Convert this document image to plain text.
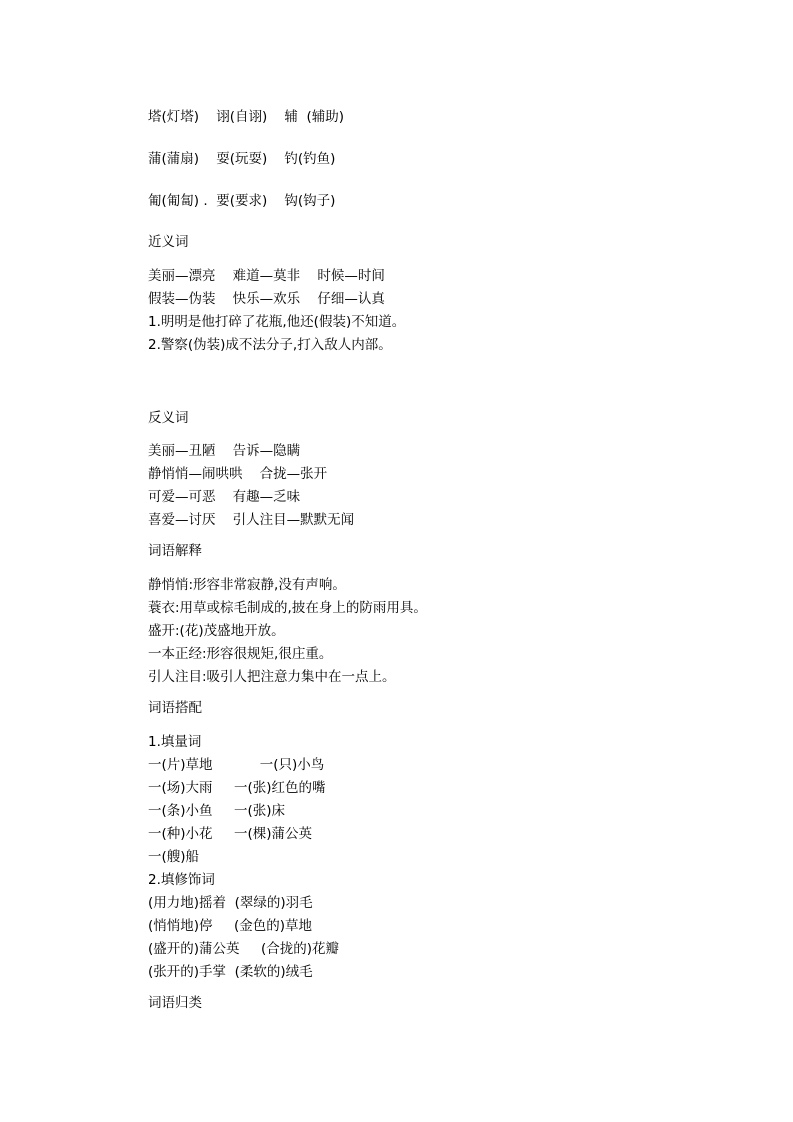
塔(灯塔)    诩(自诩)    辅  (辅助)

蒲(蒲扇)    耍(玩耍)    钓(钓鱼)

匍(匍匐) .  要(要求)    钩(钩子)

近义词

美丽—漂亮    难道—莫非    时候—时间

假装—伪装    快乐—欢乐    仔细—认真

1.明明是他打碎了花瓶,他还(假装)不知道。

2.警察(伪装)成不法分子,打入敌人内部。

反义词

美丽—丑陋    告诉—隐瞒

静悄悄—闹哄哄    合拢—张开

可爱—可恶    有趣—乏味

喜爱—讨厌    引人注目—默默无闻

词语解释

静悄悄:形容非常寂静,没有声响。

蓑衣:用草或棕毛制成的,披在身上的防雨用具。

盛开:(花)茂盛地开放。

一本正经:形容很规矩,很庄重。

引人注目:吸引人把注意力集中在一点上。

词语搭配

1.填量词

一(片)草地           一(只)小鸟

一(场)大雨     一(张)红色的嘴

一(条)小鱼     一(张)床

一(种)小花     一(棵)蒲公英

一(艘)船

2.填修饰词

(用力地)摇着  (翠绿的)羽毛

(悄悄地)停     (金色的)草地

(盛开的)蒲公英     (合拢的)花瓣

(张开的)手掌  (柔软的)绒毛

词语归类
